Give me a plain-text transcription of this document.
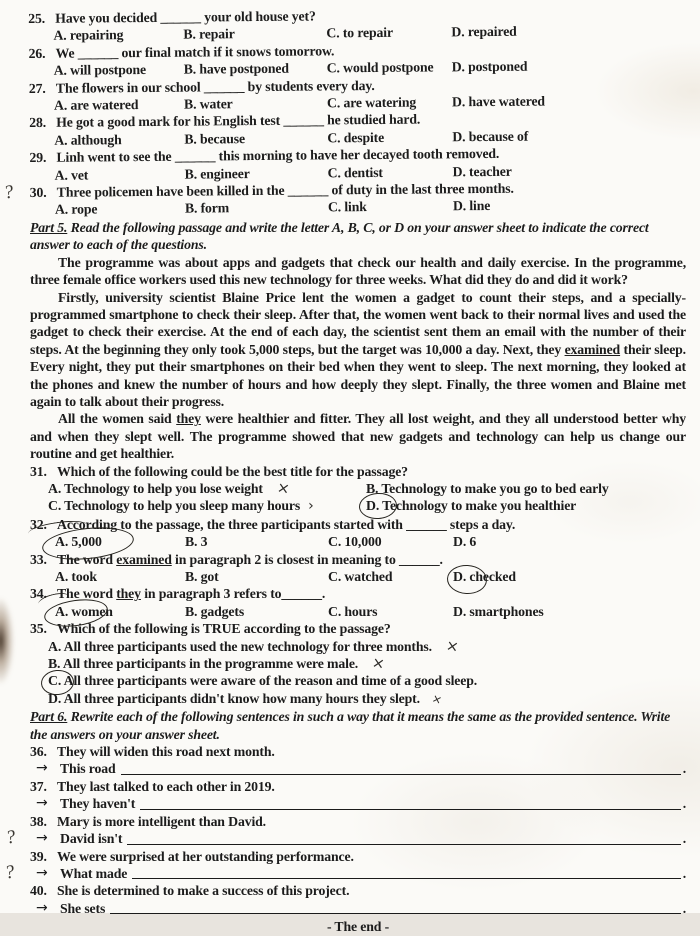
25. Have you decided ______ your old house yet?
A. repairing	B. repair	C. to repair	D. repaired
26. We ______ our final match if it snows tomorrow.
A. will postpone	B. have postponed	C. would postpone	D. postponed
27. The flowers in our school ______ by students every day.
A. are watered	B. water	C. are watering	D. have watered
28. He got a good mark for his English test ______ he studied hard.
A. although	B. because	C. despite	D. because of
29. Linh went to see the ______ this morning to have her decayed tooth removed.
A. vet	B. engineer	C. dentist	D. teacher
30. Three policemen have been killed in the ______ of duty in the last three months.
A. rope	B. form	C. link	D. line

Part 5. Read the following passage and write the letter A, B, C, or D on your answer sheet to indicate the correct answer to each of the questions.

The programme was about apps and gadgets that check our health and daily exercise. In the programme, three female office workers used this new technology for three weeks. What did they do and did it work?

Firstly, university scientist Blaine Price lent the women a gadget to count their steps, and a specially-programmed smartphone to check their sleep. After that, the women went back to their normal lives and used the gadget to check their exercise. At the end of each day, the scientist sent them an email with the number of their steps. At the beginning they only took 5,000 steps, but the target was 10,000 a day. Next, they examined their sleep. Every night, they put their smartphones on their bed when they went to sleep. The next morning, they looked at the phones and knew the number of hours and how deeply they slept. Finally, the three women and Blaine met again to talk about their progress.

All the women said they were healthier and fitter. They all lost weight, and they all understood better why and when they slept well. The programme showed that new gadgets and technology can help us change our routine and get healthier.

31. Which of the following could be the best title for the passage?
A. Technology to help you lose weight ×	B. Technology to make you go to bed early
C. Technology to help you sleep many hours ›	D. Technology to make you healthier
32. According to the passage, the three participants started with ______ steps a day.
A. 5,000	B. 3	C. 10,000	D. 6
33. The word examined in paragraph 2 is closest in meaning to ______.
A. took	B. got	C. watched	D. checked
34. The word they in paragraph 3 refers to______.
A. women	B. gadgets	C. hours	D. smartphones
35. Which of the following is TRUE according to the passage?
A. All three participants used the new technology for three months. ×
B. All three participants in the programme were male. ×
C. All three participants were aware of the reason and time of a good sleep.
D. All three participants didn't know how many hours they slept. ×

Part 6. Rewrite each of the following sentences in such a way that it means the same as the provided sentence. Write the answers on your answer sheet.

36. They will widen this road next month.
→ This road	.
37. They last talked to each other in 2019.
→ They haven't	.
38. Mary is more intelligent than David.
→ David isn't	.
39. We were surprised at her outstanding performance.
→ What made	.
40. She is determined to make a success of this project.
→ She sets	.

- The end -

?
?
?
